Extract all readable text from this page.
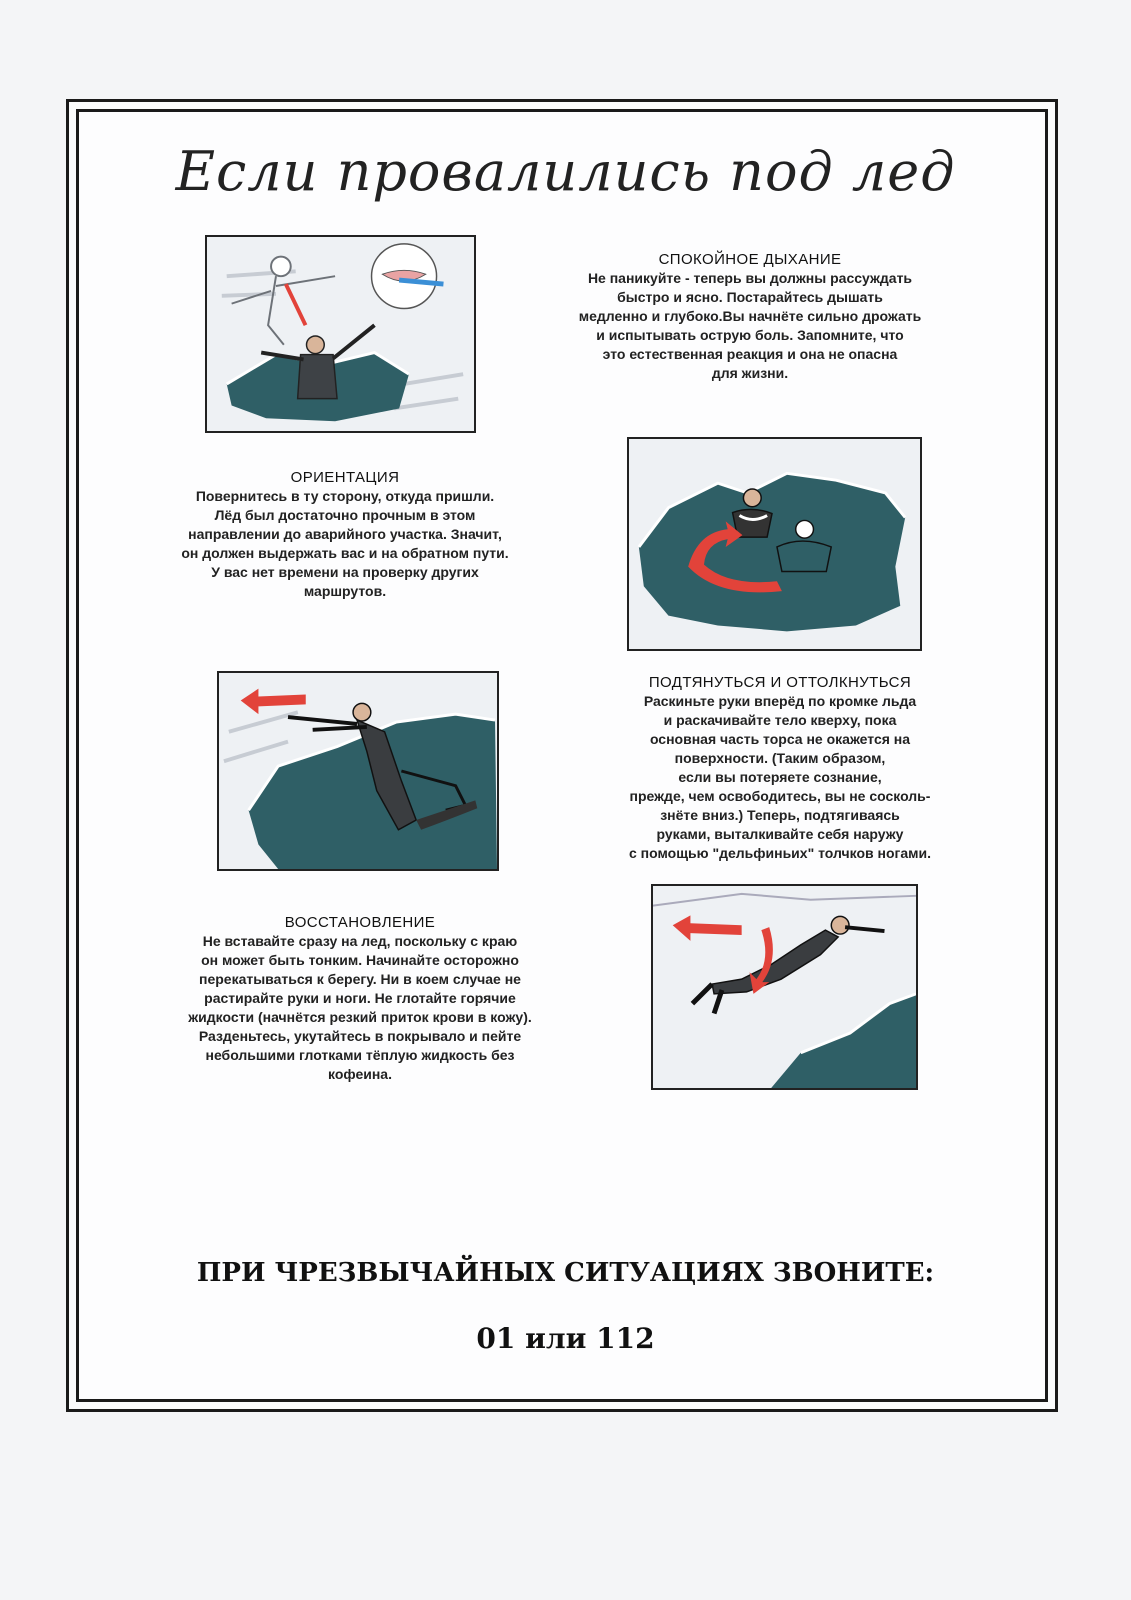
Если провалились под лед
СПОКОЙНОЕ ДЫХАНИЕ
Не паникуйте - теперь вы должны рассуждать
быстро и ясно. Постарайтесь дышать
медленно и глубоко.Вы начнёте сильно дрожать
и испытывать острую боль. Запомните, что
это естественная реакция и она не опасна
для жизни.
ОРИЕНТАЦИЯ
Повернитесь в ту сторону, откуда пришли.
Лёд был достаточно прочным в этом
направлении до аварийного участка. Значит,
он должен выдержать вас и на обратном пути.
У вас нет времени на проверку других
маршрутов.
ПОДТЯНУТЬСЯ И ОТТОЛКНУТЬСЯ
Раскиньте руки вперёд по кромке льда
и раскачивайте тело кверху, пока
основная часть торса не окажется на
поверхности. (Таким образом,
если вы потеряете сознание,
прежде, чем освободитесь, вы не сосколь-
знёте вниз.) Теперь, подтягиваясь
руками, выталкивайте себя наружу
с помощью "дельфиньих" толчков ногами.
ВОССТАНОВЛЕНИЕ
Не вставайте сразу на лед, поскольку с краю
он может быть тонким. Начинайте осторожно
перекатываться к берегу. Ни в коем случае не
растирайте руки и ноги. Не глотайте горячие
жидкости (начнётся резкий приток крови в кожу).
Разденьтесь, укутайтесь в покрывало и пейте
небольшими глотками тёплую жидкость без
кофеина.
ПРИ ЧРЕЗВЫЧАЙНЫХ СИТУАЦИЯХ ЗВОНИТЕ:
01 или 112
